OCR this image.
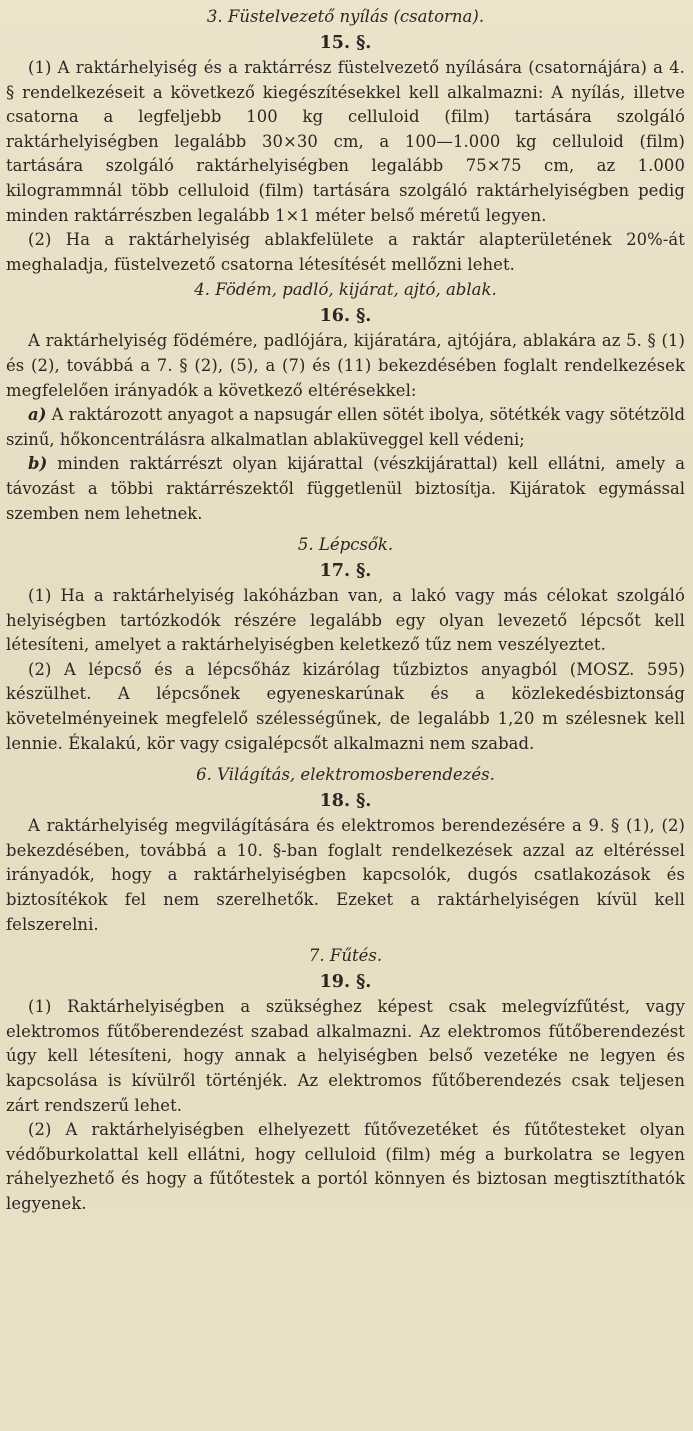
3. Füstelvezető nyílás (csatorna).

15. §.

(1) A raktárhelyiség és a raktárrész füstelvezető nyílására (csatornájára) a 4. § rendelkezéseit a következő kiegészítésekkel kell alkalmazni: A nyílás, illetve csatorna a legfeljebb 100 kg celluloid (film) tartására szolgáló raktárhelyiségben legalább 30×30 cm, a 100—1.000 kg celluloid (film) tartására szolgáló raktárhelyiségben legalább 75×75 cm, az 1.000 kilogrammnál több celluloid (film) tartására szolgáló raktárhelyiségben pedig minden raktárrészben legalább 1×1 méter belső méretű legyen.

(2) Ha a raktárhelyiség ablakfelülete a raktár alapterületének 20%-át meghaladja, füstelvezető csatorna létesítését mellőzni lehet.

4. Födém, padló, kijárat, ajtó, ablak.

16. §.

A raktárhelyiség födémére, padlójára, kijáratára, ajtójára, ablakára az 5. § (1) és (2), továbbá a 7. § (2), (5), a (7) és (11) bekezdésében foglalt rendelkezések megfelelően irányadók a következő eltérésekkel:

a) A raktározott anyagot a napsugár ellen sötét ibolya, sötétkék vagy sötétzöld szinű, hőkoncentrálásra alkalmatlan ablaküveggel kell védeni;

b) minden raktárrészt olyan kijárattal (vészkijárattal) kell ellátni, amely a távozást a többi raktárrészektől függetlenül biztosítja. Kijáratok egymással szemben nem lehetnek.

5. Lépcsők.

17. §.

(1) Ha a raktárhelyiség lakóházban van, a lakó vagy más célokat szolgáló helyiségben tartózkodók részére legalább egy olyan levezető lépcsőt kell létesíteni, amelyet a raktárhelyiségben keletkező tűz nem veszélyeztet.

(2) A lépcső és a lépcsőház kizárólag tűzbiztos anyagból (MOSZ. 595) készülhet. A lépcsőnek egyeneskarúnak és a közlekedésbiztonság követelményeinek megfelelő szélességűnek, de legalább 1,20 m szélesnek kell lennie. Ékalakú, kör vagy csigalépcsőt alkalmazni nem szabad.

6. Világítás, elektromosberendezés.

18. §.

A raktárhelyiség megvilágítására és elektromos berendezésére a 9. § (1), (2) bekezdésében, továbbá a 10. §-ban foglalt rendelkezések azzal az eltéréssel irányadók, hogy a raktárhelyiségben kapcsolók, dugós csatlakozások és biztosítékok fel nem szerelhetők. Ezeket a raktárhelyiségen kívül kell felszerelni.

7. Fűtés.

19. §.

(1) Raktárhelyiségben a szükséghez képest csak melegvízfűtést, vagy elektromos fűtőberendezést szabad alkalmazni. Az elektromos fűtőberendezést úgy kell létesíteni, hogy annak a helyiségben belső vezetéke ne legyen és kapcsolása is kívülről történjék. Az elektromos fűtőberendezés csak teljesen zárt rendszerű lehet.

(2) A raktárhelyiségben elhelyezett fűtővezetéket és fűtőtesteket olyan védőburkolattal kell ellátni, hogy celluloid (film) még a burkolatra se legyen ráhelyezhető és hogy a fűtőtestek a portól könnyen és biztosan megtisztíthatók legyenek.
